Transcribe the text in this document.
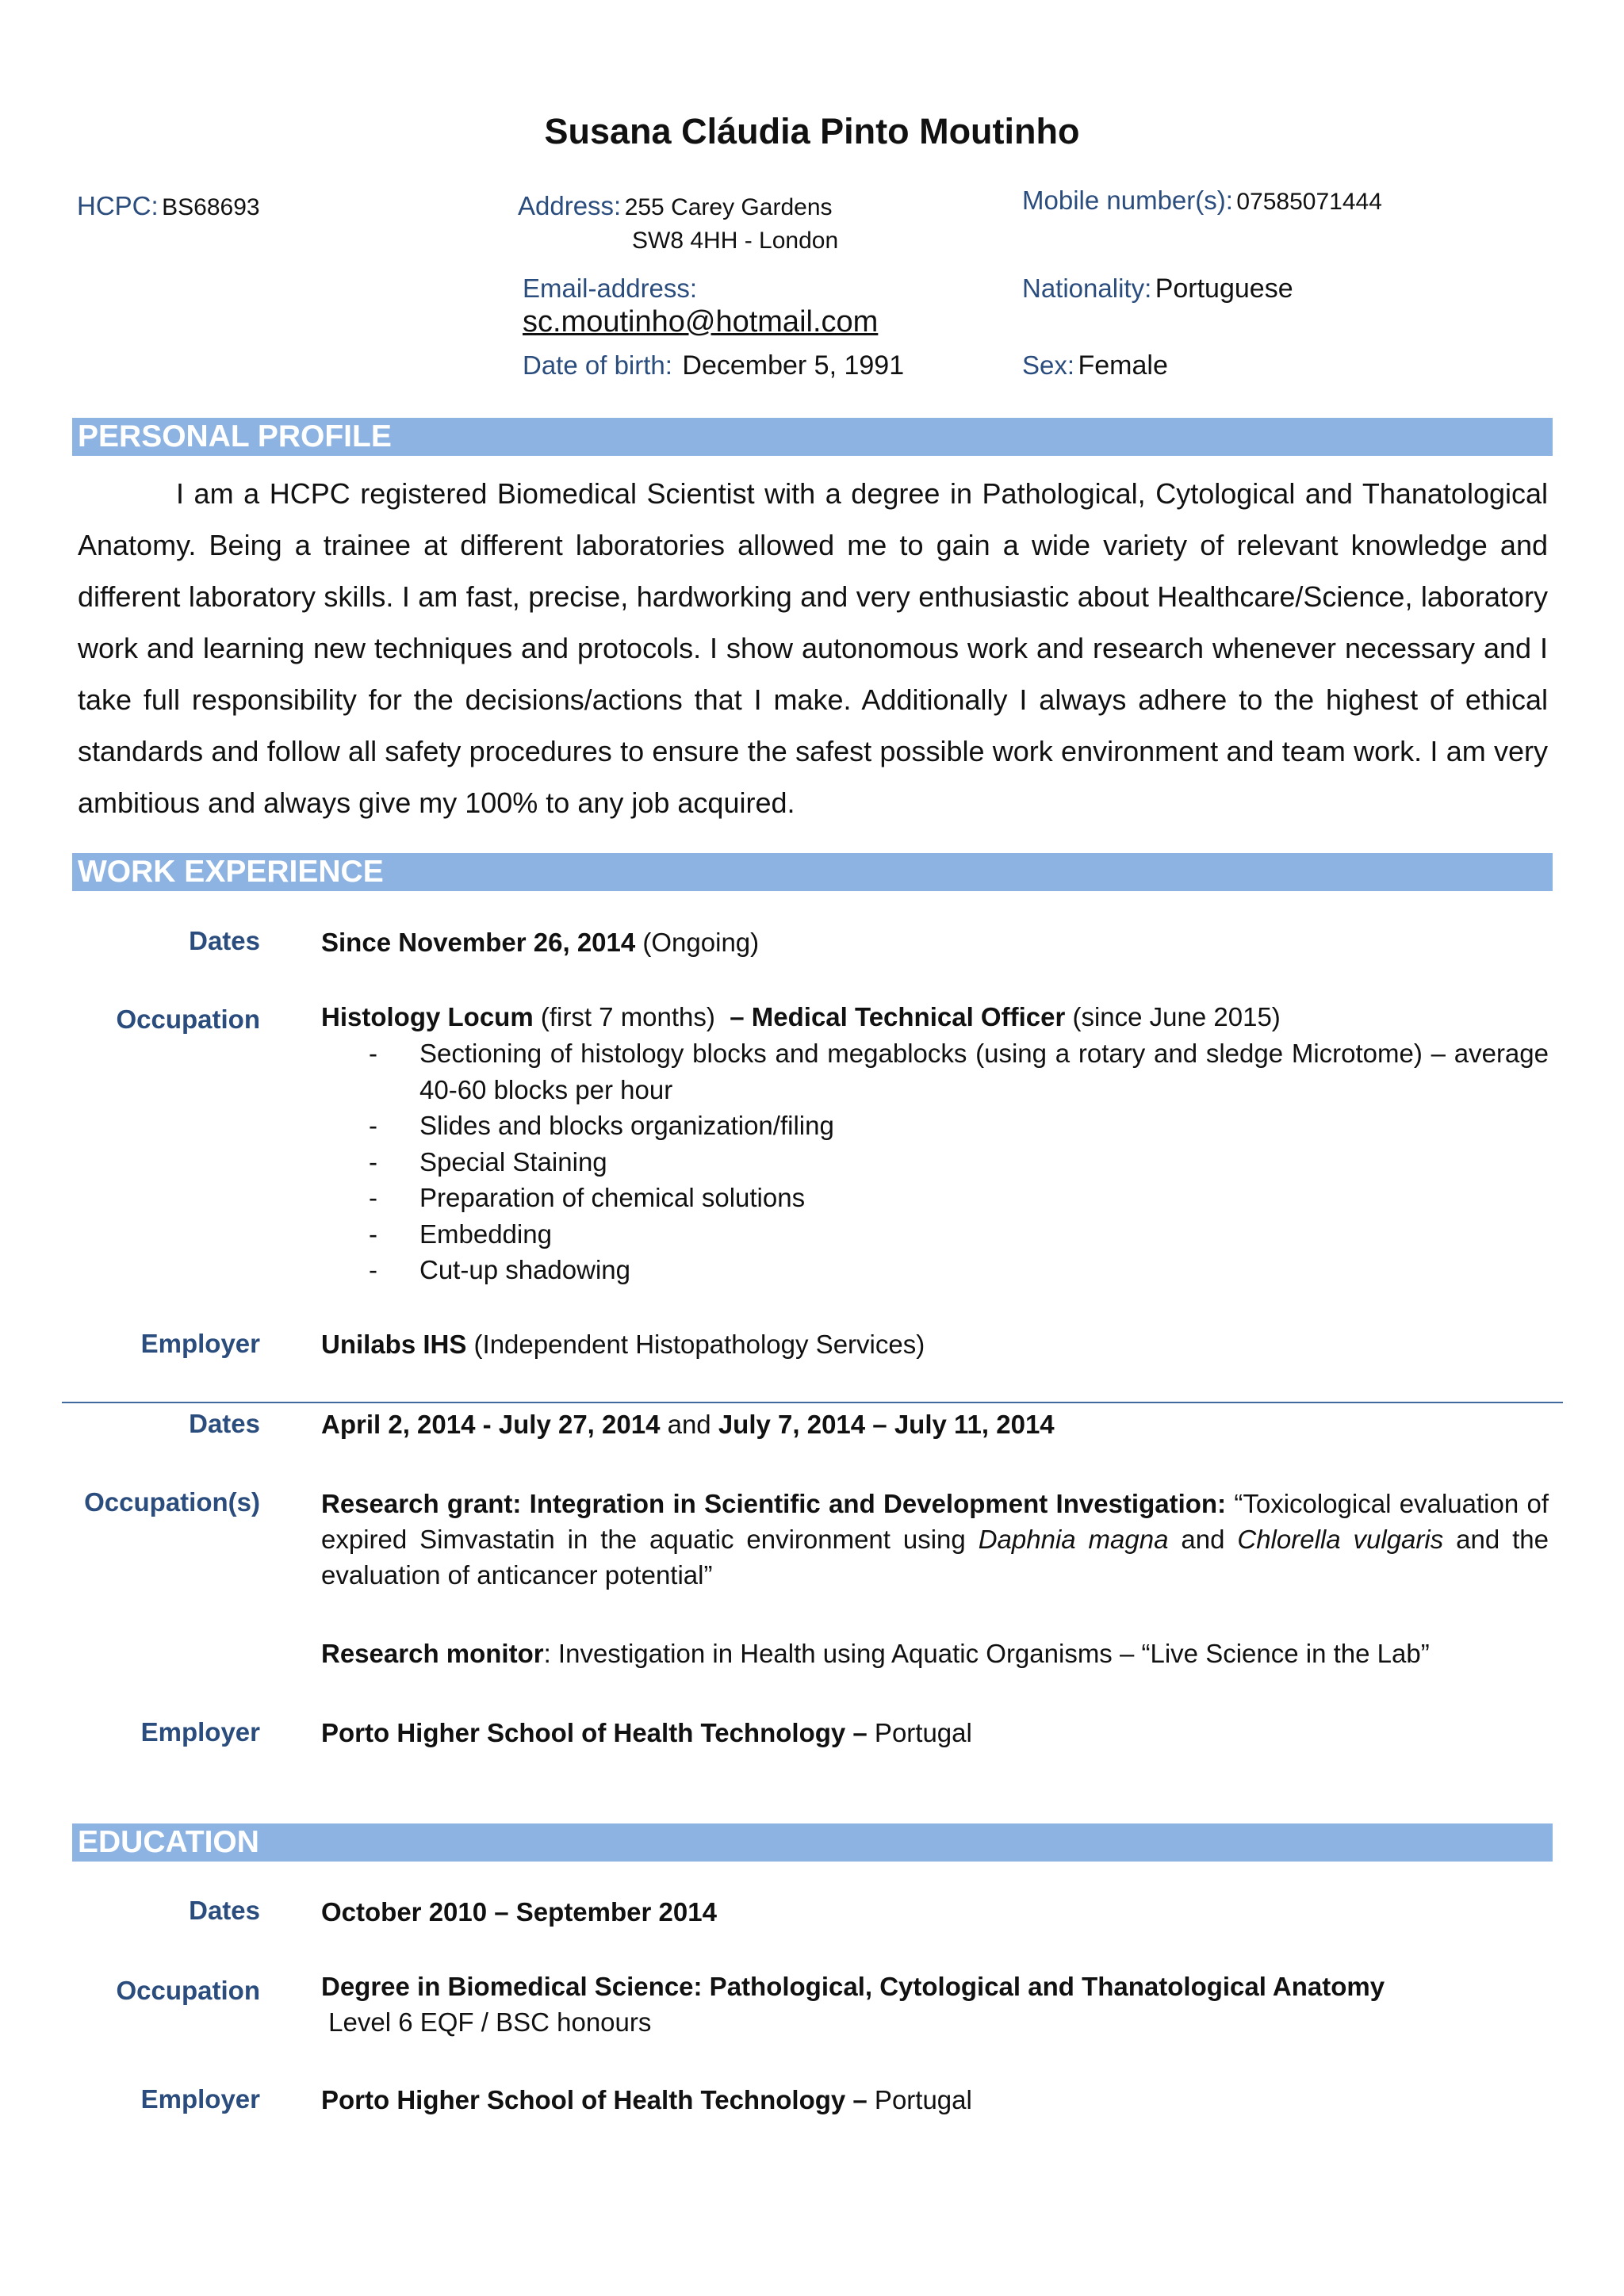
Susana Cláudia Pinto Moutinho
HCPC: BS68693	Address: 255 Carey Gardens
SW8 4HH - London
Mobile number(s): 07585071444
Email-address:
sc.moutinho@hotmail.com
Nationality: Portuguese
Date of birth: December 5, 1991	Sex: Female
PERSONAL PROFILE

I am a HCPC registered Biomedical Scientist with a degree in Pathological, Cytological and Thanatological Anatomy. Being a trainee at different laboratories allowed me to gain a wide variety of relevant knowledge and different laboratory skills. I am fast, precise, hardworking and very enthusiastic about Healthcare/Science, laboratory work and learning new techniques and protocols. I show autonomous work and research whenever necessary and I take full responsibility for the decisions/actions that I make. Additionally I always adhere to the highest of ethical standards and follow all safety procedures to ensure the safest possible work environment and team work. I am very ambitious and always give my 100% to any job acquired.

WORK EXPERIENCE
Dates Since November 26, 2014 (Ongoing)
Occupation Histology Locum (first 7 months)  – Medical Technical Officer (since June 2015)
- Sectioning of histology blocks and megablocks (using a rotary and sledge Microtome) – average 40-60 blocks per hour
- Slides and blocks organization/filing
- Special Staining
- Preparation of chemical solutions
- Embedding
- Cut-up shadowing
Employer Unilabs IHS (Independent Histopathology Services)
Dates April 2, 2014 - July 27, 2014 and July 7, 2014 – July 11, 2014
Occupation(s) Research grant: Integration in Scientific and Development Investigation: “Toxicological evaluation of expired Simvastatin in the aquatic environment using Daphnia magna and Chlorella vulgaris and the evaluation of anticancer potential”
Research monitor: Investigation in Health using Aquatic Organisms – “Live Science in the Lab”
Employer Porto Higher School of Health Technology – Portugal
EDUCATION
Dates October 2010 – September 2014
Occupation Degree in Biomedical Science: Pathological, Cytological and Thanatological Anatomy
Level 6 EQF / BSC honours
Employer Porto Higher School of Health Technology – Portugal
